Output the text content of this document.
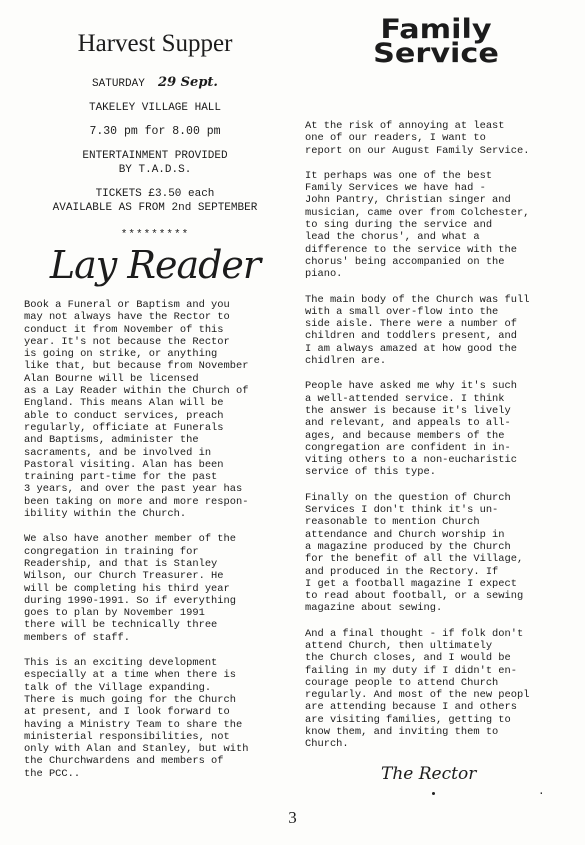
Harvest Supper
SATURDAY 29 Sept.
TAKELEY VILLAGE HALL
7.30 pm for 8.00 pm
ENTERTAINMENT PROVIDED
BY T.A.D.S.
TICKETS £3.50 each
AVAILABLE AS FROM 2nd SEPTEMBER
*********
Lay Reader

Book a Funeral or Baptism and you
may not always have the Rector to
conduct it from November of this
year. It's not because the Rector
is going on strike, or anything
like that, but because from November
Alan Bourne will be licensed
as a Lay Reader within the Church of
England. This means Alan will be
able to conduct services, preach
regularly, officiate at Funerals
and Baptisms, administer the
sacraments, and be involved in
Pastoral visiting. Alan has been
training part-time for the past
3 years, and over the past year has
been taking on more and more respon-
ibility within the Church.

We also have another member of the
congregation in training for
Readership, and that is Stanley
Wilson, our Church Treasurer. He
will be completing his third year
during 1990-1991. So if everything
goes to plan by November 1991
there will be technically three
members of staff.

This is an exciting development
especially at a time when there is
talk of the Village expanding.
There is much going for the Church
at present, and I look forward to
having a Ministry Team to share the
ministerial responsibilities, not
only with Alan and Stanley, but with
the Churchwardens and members of
the PCC..

Family
Service

At the risk of annoying at least
one of our readers, I want to
report on our August Family Service.

It perhaps was one of the best
Family Services we have had -
John Pantry, Christian singer and
musician, came over from Colchester,
to sing during the service and
lead the chorus', and what a
difference to the service with the
chorus' being accompanied on the
piano.

The main body of the Church was full
with a small over-flow into the
side aisle. There were a number of
children and toddlers present, and
I am always amazed at how good the
chidlren are.

People have asked me why it's such
a well-attended service. I think
the answer is because it's lively
and relevant, and appeals to all-
ages, and because members of the
congregation are confident in in-
viting others to a non-eucharistic
service of this type.

Finally on the question of Church
Services I don't think it's un-
reasonable to mention Church
attendance and Church worship in
a magazine produced by the Church
for the benefit of all the Village,
and produced in the Rectory. If
I get a football magazine I expect
to read about football, or a sewing
magazine about sewing.

And a final thought - if folk don't
attend Church, then ultimately
the Church closes, and I would be
failing in my duty if I didn't en-
courage people to attend Church
regularly. And most of the new peopl
are attending because I and others
are visiting families, getting to
know them, and inviting them to
Church.

The Rector
.
3
